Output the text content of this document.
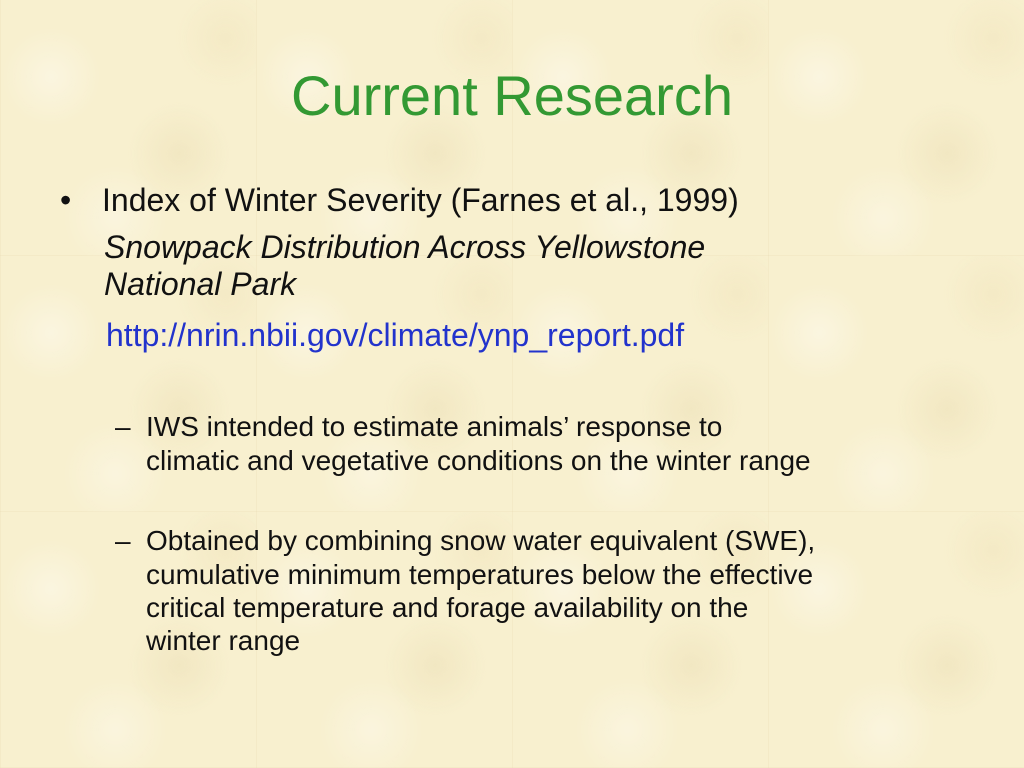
Current Research
• Index of Winter Severity (Farnes et al., 1999)
Snowpack Distribution Across Yellowstone
National Park
http://nrin.nbii.gov/climate/ynp_report.pdf
– IWS intended to estimate animals’ response to
climatic and vegetative conditions on the winter range
– Obtained by combining snow water equivalent (SWE),
cumulative minimum temperatures below the effective
critical temperature and forage availability on the
winter range
